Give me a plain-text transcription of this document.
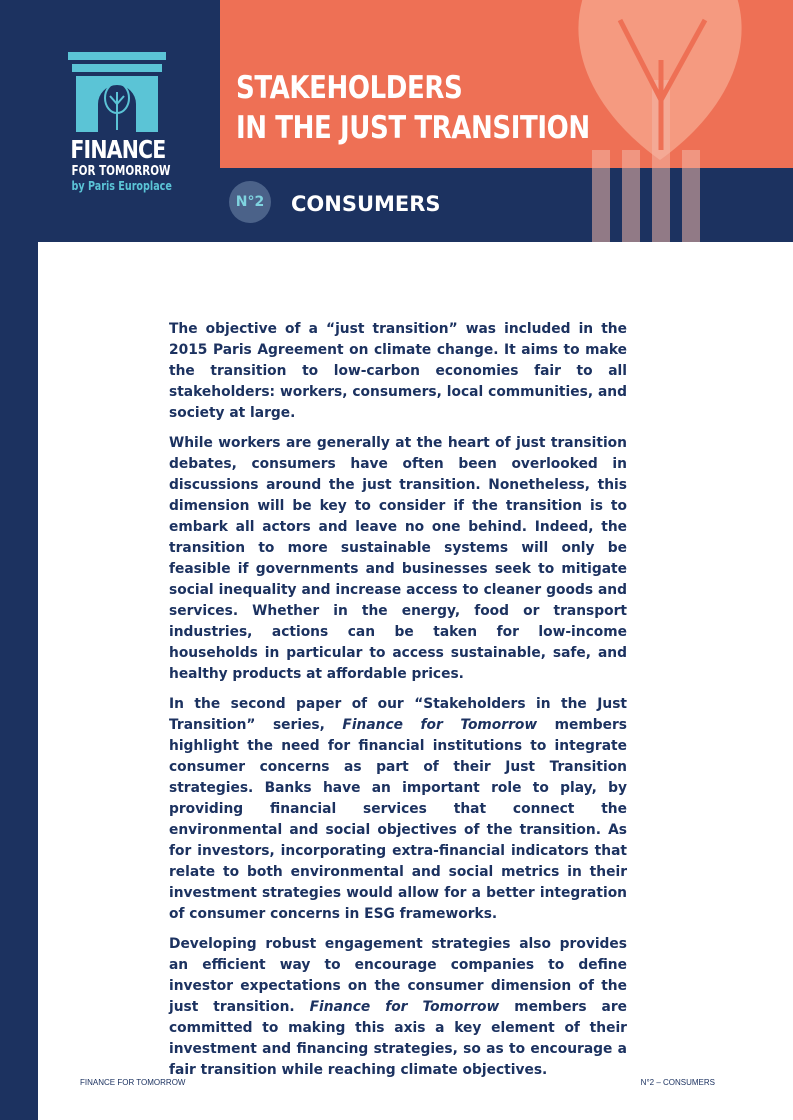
FINANCE
FOR TOMORROW
by Paris Europlace
STAKEHOLDERS
IN THE JUST TRANSITION
N°2	CONSUMERS

The objective of a “just transition” was included in the 2015 Paris Agreement on climate change. It aims to make the transition to low-carbon economies fair to all stakeholders: workers, consumers, local communities, and society at large.

While workers are generally at the heart of just transition debates, consumers have often been overlooked in discussions around the just transition. Nonetheless, this dimension will be key to consider if the transition is to embark all actors and leave no one behind. Indeed, the transition to more sustainable systems will only be feasible if governments and businesses seek to mitigate social inequality and increase access to cleaner goods and services. Whether in the energy, food or transport industries, actions can be taken for low-income households in particular to access sustainable, safe, and healthy products at affordable prices.

In the second paper of our “Stakeholders in the Just Transition” series, Finance for Tomorrow members highlight the need for financial institutions to integrate consumer concerns as part of their Just Transition strategies. Banks have an important role to play, by providing financial services that connect the environmental and social objectives of the transition. As for investors, incorporating extra-financial indicators that relate to both environmental and social metrics in their investment strategies would allow for a better integration of consumer concerns in ESG frameworks.

Developing robust engagement strategies also provides an efficient way to encourage companies to define investor expectations on the consumer dimension of the just transition. Finance for Tomorrow members are committed to making this axis a key element of their investment and financing strategies, so as to encourage a fair transition while reaching climate objectives.

FINANCE FOR TOMORROW	N°2 – CONSUMERS
